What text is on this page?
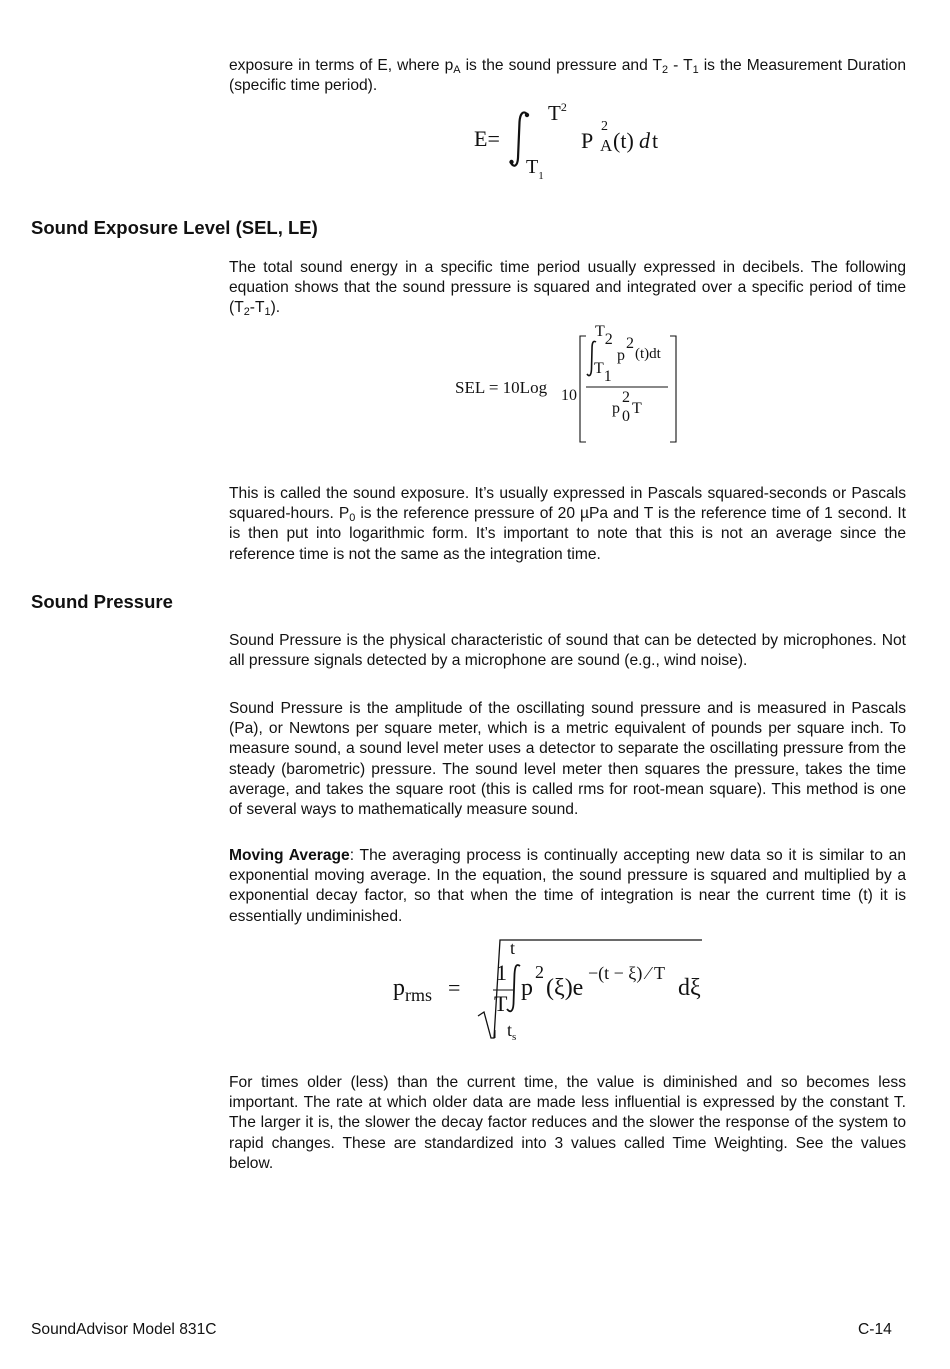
exposure in terms of E, where $p_A$ is the sound pressure and $T_2 - T_1$ is the Measurement Duration (specific time period).
E=
$T^2$
$T_1$
P
2
A (t) d t
Sound Exposure Level (SEL, LE)
The total sound energy in a specific time period usually expressed in decibels. The following equation shows that the sound pressure is squared and integrated over a specific period of time $(T_2-T_1)$.
SEL = 10Log 10
T2
T1
p
2
(t)dt
p
2
0 T
This is called the sound exposure. It’s usually expressed in Pascals squared-seconds or Pascals squared-hours. $P_0$ is the reference pressure of 20 µPa and T is the reference time of 1 second. It is then put into logarithmic form. It’s important to note that this is not an average since the reference time is not the same as the integration time.
Sound Pressure
Sound Pressure is the physical characteristic of sound that can be detected by microphones. Not all pressure signals detected by a microphone are sound (e.g., wind noise).
Sound Pressure is the amplitude of the oscillating sound pressure and is measured in Pascals (Pa), or Newtons per square meter, which is a metric equivalent of pounds per square inch. To measure sound, a sound level meter uses a detector to separate the oscillating pressure from the steady (barometric) pressure. The sound level meter then squares the pressure, takes the time average, and takes the square root (this is called rms for root-mean square). This method is one of several ways to mathematically measure sound.
Moving Average: The averaging process is continually accepting new data so it is similar to an exponential moving average. In the equation, the sound pressure is squared and multiplied by a exponential decay factor, so that when the time of integration is near the current time (t) it is essentially undiminished.
$p_{rms}$ =
1
T
t
$t_s$
p
2
(ξ)e
−(t − ξ) ⁄ T
dξ
For times older (less) than the current time, the value is diminished and so becomes less important. The rate at which older data are made less influential is expressed by the constant T. The larger it is, the slower the decay factor reduces and the slower the response of the system to rapid changes. These are standardized into 3 values called Time Weighting. See the values below.
SoundAdvisor Model 831C	C-14
